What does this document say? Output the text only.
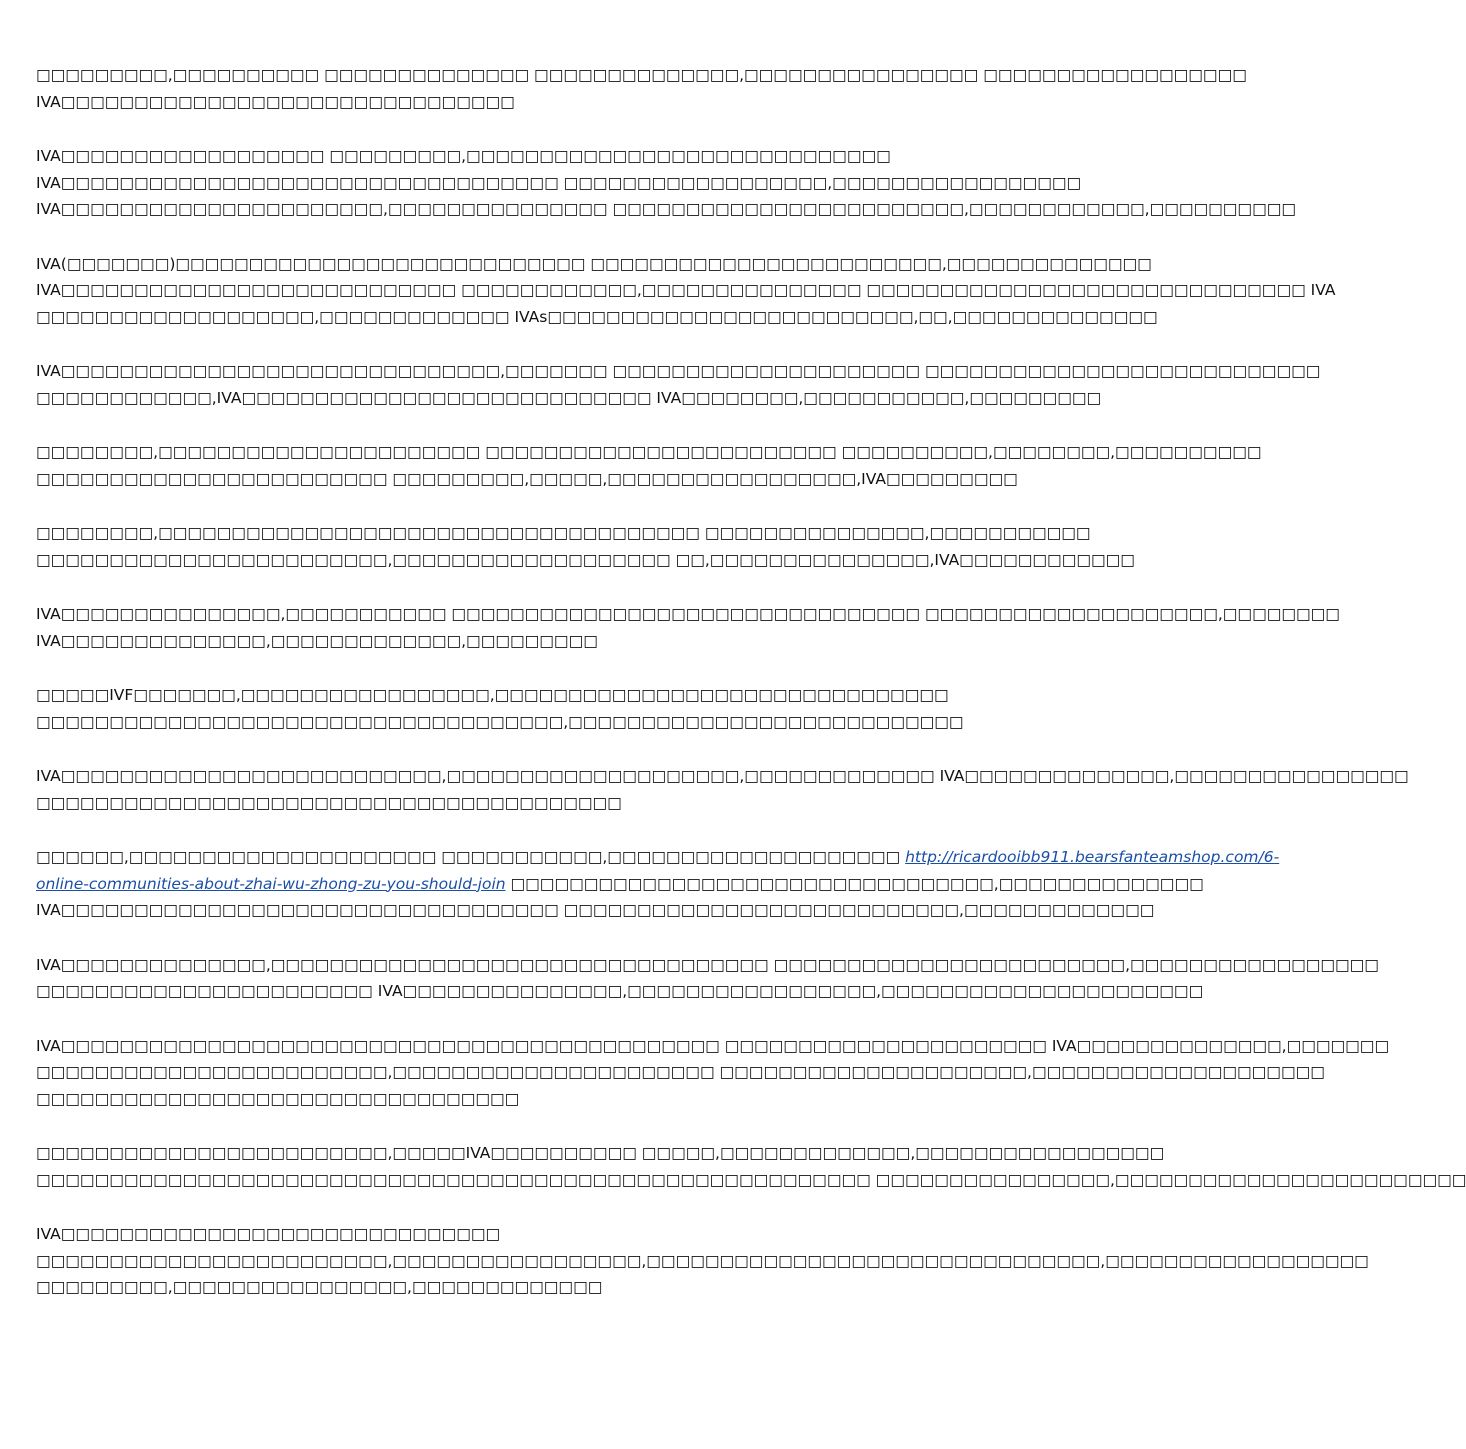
□□□□□□□□□,□□□□□□□□□□ □□□□□□□□□□□□□□ □□□□□□□□□□□□□□,□□□□□□□□□□□□□□□□ □□□□□□□□□□□□□□□□□□
IVA□□□□□□□□□□□□□□□□□□□□□□□□□□□□□□□

IVA□□□□□□□□□□□□□□□□□□ □□□□□□□□□,□□□□□□□□□□□□□□□□□□□□□□□□□□□□□
IVA□□□□□□□□□□□□□□□□□□□□□□□□□□□□□□□□□□ □□□□□□□□□□□□□□□□□□,□□□□□□□□□□□□□□□□□
IVA□□□□□□□□□□□□□□□□□□□□□□,□□□□□□□□□□□□□□□ □□□□□□□□□□□□□□□□□□□□□□□□,□□□□□□□□□□□□,□□□□□□□□□□

IVA(□□□□□□□)□□□□□□□□□□□□□□□□□□□□□□□□□□□□ □□□□□□□□□□□□□□□□□□□□□□□□,□□□□□□□□□□□□□□
IVA□□□□□□□□□□□□□□□□□□□□□□□□□□□ □□□□□□□□□□□□,□□□□□□□□□□□□□□□ □□□□□□□□□□□□□□□□□□□□□□□□□□□□□□ IVA
□□□□□□□□□□□□□□□□□□□,□□□□□□□□□□□□□ IVAs□□□□□□□□□□□□□□□□□□□□□□□□□,□□,□□□□□□□□□□□□□□

IVA□□□□□□□□□□□□□□□□□□□□□□□□□□□□□□,□□□□□□□ □□□□□□□□□□□□□□□□□□□□□ □□□□□□□□□□□□□□□□□□□□□□□□□□□
□□□□□□□□□□□□,IVA□□□□□□□□□□□□□□□□□□□□□□□□□□□□ IVA□□□□□□□□,□□□□□□□□□□□,□□□□□□□□□

□□□□□□□□,□□□□□□□□□□□□□□□□□□□□□□ □□□□□□□□□□□□□□□□□□□□□□□□ □□□□□□□□□□,□□□□□□□□,□□□□□□□□□□
□□□□□□□□□□□□□□□□□□□□□□□□ □□□□□□□□□,□□□□□,□□□□□□□□□□□□□□□□□,IVA□□□□□□□□□

□□□□□□□□,□□□□□□□□□□□□□□□□□□□□□□□□□□□□□□□□□□□□□ □□□□□□□□□□□□□□□,□□□□□□□□□□□
□□□□□□□□□□□□□□□□□□□□□□□□,□□□□□□□□□□□□□□□□□□□ □□,□□□□□□□□□□□□□□□,IVA□□□□□□□□□□□□

IVA□□□□□□□□□□□□□□□,□□□□□□□□□□□ □□□□□□□□□□□□□□□□□□□□□□□□□□□□□□□□ □□□□□□□□□□□□□□□□□□□□,□□□□□□□□
IVA□□□□□□□□□□□□□□,□□□□□□□□□□□□□,□□□□□□□□□

□□□□□IVF□□□□□□□,□□□□□□□□□□□□□□□□□,□□□□□□□□□□□□□□□□□□□□□□□□□□□□□□□
□□□□□□□□□□□□□□□□□□□□□□□□□□□□□□□□□□□□,□□□□□□□□□□□□□□□□□□□□□□□□□□□

IVA□□□□□□□□□□□□□□□□□□□□□□□□□□,□□□□□□□□□□□□□□□□□□□□,□□□□□□□□□□□□□ IVA□□□□□□□□□□□□□□,□□□□□□□□□□□□□□□□
□□□□□□□□□□□□□□□□□□□□□□□□□□□□□□□□□□□□□□□□

□□□□□□,□□□□□□□□□□□□□□□□□□□□□ □□□□□□□□□□□,□□□□□□□□□□□□□□□□□□□□ http://ricardooibb911.bearsfanteamshop.com/6-
online-communities-about-zhai-wu-zhong-zu-you-should-join □□□□□□□□□□□□□□□□□□□□□□□□□□□□□□□□□,□□□□□□□□□□□□□□
IVA□□□□□□□□□□□□□□□□□□□□□□□□□□□□□□□□□□ □□□□□□□□□□□□□□□□□□□□□□□□□□□,□□□□□□□□□□□□□

IVA□□□□□□□□□□□□□□,□□□□□□□□□□□□□□□□□□□□□□□□□□□□□□□□□□ □□□□□□□□□□□□□□□□□□□□□□□□,□□□□□□□□□□□□□□□□□
□□□□□□□□□□□□□□□□□□□□□□□ IVA□□□□□□□□□□□□□□□,□□□□□□□□□□□□□□□□□,□□□□□□□□□□□□□□□□□□□□□□

IVA□□□□□□□□□□□□□□□□□□□□□□□□□□□□□□□□□□□□□□□□□□□□□ □□□□□□□□□□□□□□□□□□□□□□ IVA□□□□□□□□□□□□□□,□□□□□□□
□□□□□□□□□□□□□□□□□□□□□□□□,□□□□□□□□□□□□□□□□□□□□□□ □□□□□□□□□□□□□□□□□□□□□,□□□□□□□□□□□□□□□□□□□□
□□□□□□□□□□□□□□□□□□□□□□□□□□□□□□□□□

□□□□□□□□□□□□□□□□□□□□□□□□,□□□□□IVA□□□□□□□□□□ □□□□□,□□□□□□□□□□□□□,□□□□□□□□□□□□□□□□□
□□□□□□□□□□□□□□□□□□□□□□□□□□□□□□□□□□□□□□□□□□□□□□□□□□□□□□□□□ □□□□□□□□□□□□□□□□,□□□□□□□□□□□□□□□□□□□□□□□□

IVA□□□□□□□□□□□□□□□□□□□□□□□□□□□□□□
□□□□□□□□□□□□□□□□□□□□□□□□,□□□□□□□□□□□□□□□□□,□□□□□□□□□□□□□□□□□□□□□□□□□□□□□□□,□□□□□□□□□□□□□□□□□□
□□□□□□□□□,□□□□□□□□□□□□□□□□,□□□□□□□□□□□□□
